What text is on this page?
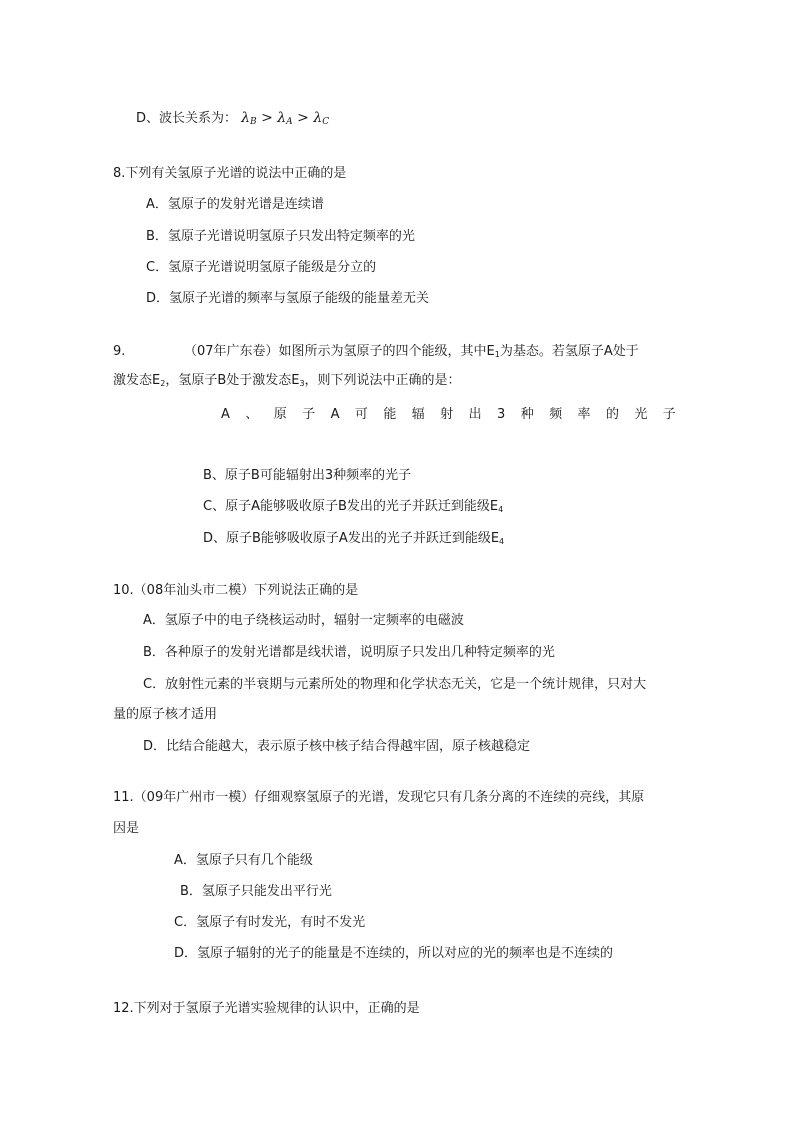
D、波长关系为： $\lambda_B > \lambda_A > \lambda_C$
8.下列有关氢原子光谱的说法中正确的是
A．氢原子的发射光谱是连续谱
B．氢原子光谱说明氢原子只发出特定频率的光
C．氢原子光谱说明氢原子能级是分立的
D．氢原子光谱的频率与氢原子能级的能量差无关
9.	（07年广东卷）如图所示为氢原子的四个能级，其中$E_1$为基态。若氢原子A处于
激发态$E_2$，氢原子B处于激发态$E_3$，则下列说法中正确的是：
A 、 原 子 A 可 能 辐 射 出 3 种 频 率 的 光 子
B、原子B可能辐射出3种频率的光子
C、原子A能够吸收原子B发出的光子并跃迁到能级$E_4$
D、原子B能够吸收原子A发出的光子并跃迁到能级$E_4$
10.（08年汕头市二模）下列说法正确的是
A．氢原子中的电子绕核运动时，辐射一定频率的电磁波
B．各种原子的发射光谱都是线状谱，说明原子只发出几种特定频率的光
C．放射性元素的半衰期与元素所处的物理和化学状态无关，它是一个统计规律，只对大
量的原子核才适用
D．比结合能越大，表示原子核中核子结合得越牢固，原子核越稳定
11.（09年广州市一模）仔细观察氢原子的光谱，发现它只有几条分离的不连续的亮线，其原
因是
A．氢原子只有几个能级
B．氢原子只能发出平行光
C．氢原子有时发光，有时不发光
D．氢原子辐射的光子的能量是不连续的，所以对应的光的频率也是不连续的
12.下列对于氢原子光谱实验规律的认识中，正确的是
